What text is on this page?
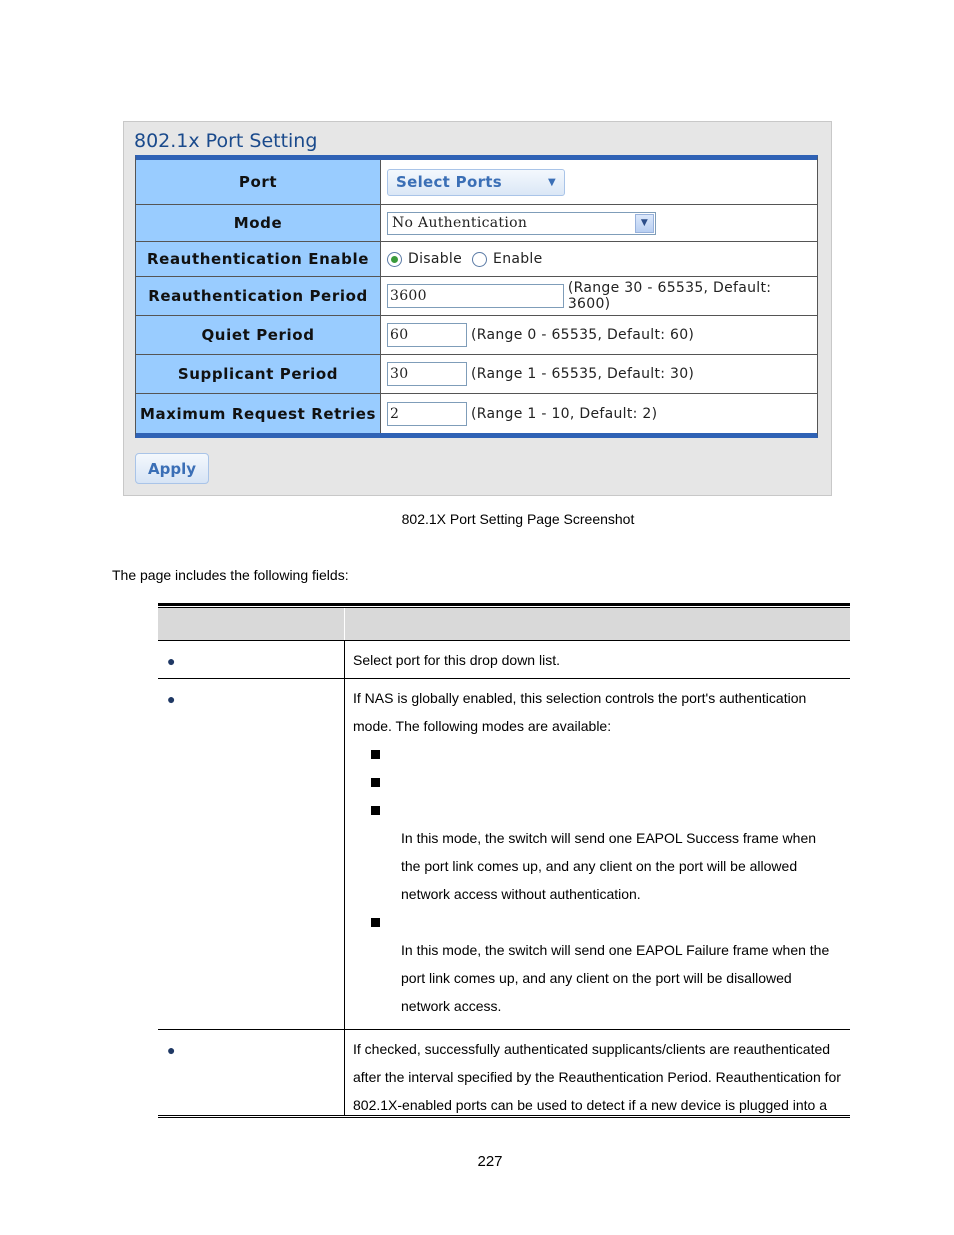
802.1x Port Setting
Port	Select Ports	▼
Mode	No Authentication	▼
Reauthentication Enable	Disable Enable
Reauthentication Period	3600	(Range 30 - 65535, Default: 3600)
Quiet Period	60	(Range 0 - 65535, Default: 60)
Supplicant Period	30	(Range 1 - 65535, Default: 30)
Maximum Request Retries	2	(Range 1 - 10, Default: 2)
Apply
802.1X Port Setting Page Screenshot
The page includes the following fields:
●	Select port for this drop down list.
●	If NAS is globally enabled, this selection controls the port's authentication
mode. The following modes are available:
In this mode, the switch will send one EAPOL Success frame when
the port link comes up, and any client on the port will be allowed
network access without authentication.
In this mode, the switch will send one EAPOL Failure frame when the
port link comes up, and any client on the port will be disallowed
network access.
●	If checked, successfully authenticated supplicants/clients are reauthenticated
after the interval specified by the Reauthentication Period. Reauthentication for
802.1X-enabled ports can be used to detect if a new device is plugged into a
227
